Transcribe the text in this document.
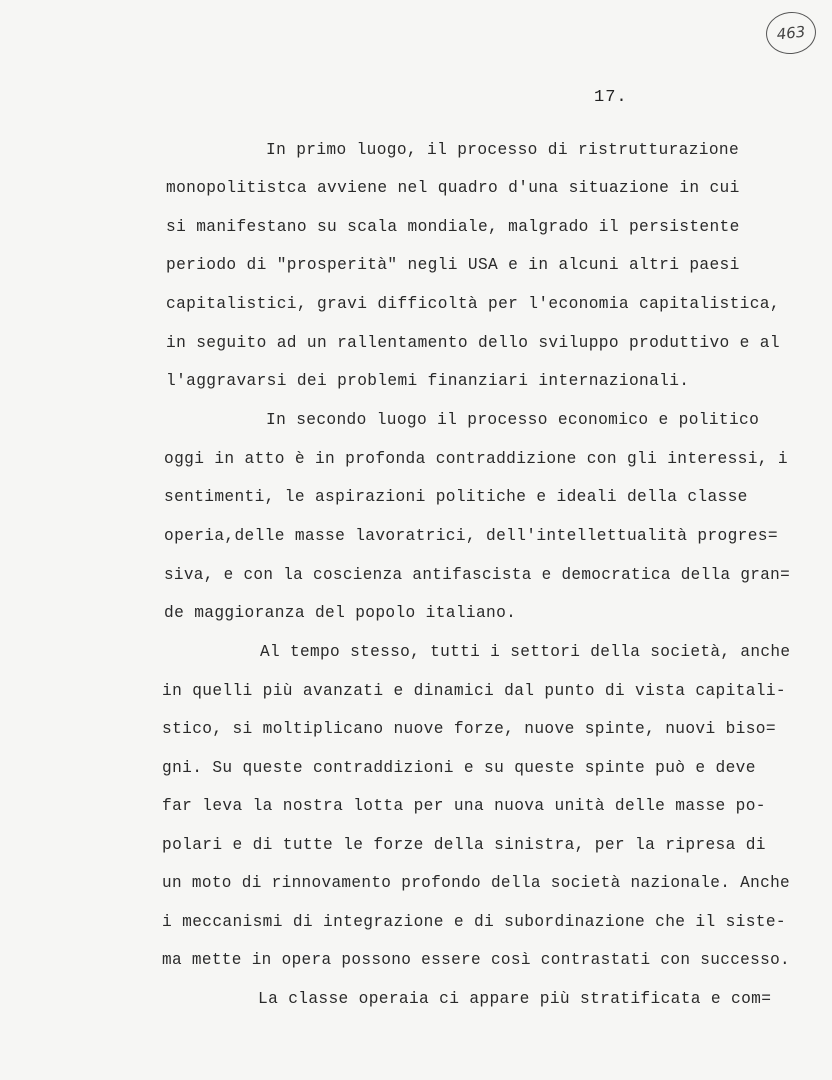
463
17.
In primo luogo, il processo di ristrutturazione
monopolitistca avviene nel quadro d'una situazione in cui
si manifestano su scala mondiale, malgrado il persistente
periodo di "prosperità" negli USA e in alcuni altri paesi
capitalistici, gravi difficoltà per l'economia capitalistica,
in seguito ad un rallentamento dello sviluppo produttivo e al
l'aggravarsi dei problemi finanziari internazionali.
In secondo luogo il processo economico e politico
oggi in atto è in profonda contraddizione con gli interessi, i
sentimenti, le aspirazioni politiche e ideali della classe
operia,delle masse lavoratrici, dell'intellettualità progres=
siva, e con la coscienza antifascista e democratica della gran=
de maggioranza del popolo italiano.
Al tempo stesso, tutti i settori della società, anche
in quelli più avanzati e dinamici dal punto di vista capitali-
stico, si moltiplicano nuove forze, nuove spinte, nuovi biso=
gni. Su queste contraddizioni e su queste spinte può e deve
far leva la nostra lotta per una nuova unità delle masse po-
polari e di tutte le forze della sinistra, per la ripresa di
un moto di rinnovamento profondo della società nazionale. Anche
i meccanismi di integrazione e di subordinazione che il siste-
ma mette in opera possono essere così contrastati con successo.
La classe operaia ci appare più stratificata e com=
